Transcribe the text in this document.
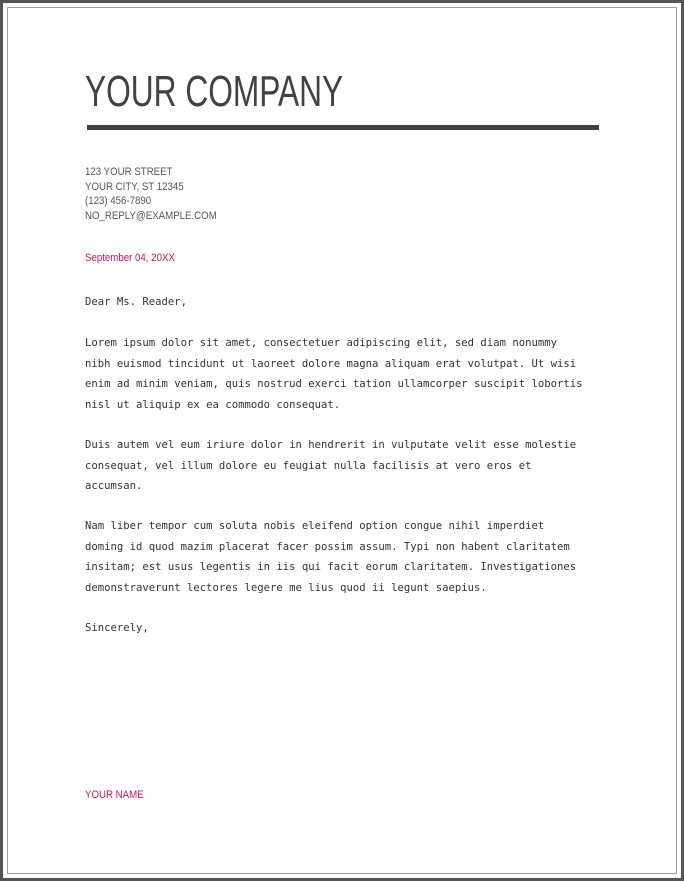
YOUR COMPANY
123 YOUR STREET
YOUR CITY, ST 12345
(123) 456-7890
NO_REPLY@EXAMPLE.COM
September 04, 20XX

Dear Ms. Reader,

Lorem ipsum dolor sit amet, consectetuer adipiscing elit, sed diam nonummy
nibh euismod tincidunt ut laoreet dolore magna aliquam erat volutpat. Ut wisi
enim ad minim veniam, quis nostrud exerci tation ullamcorper suscipit lobortis
nisl ut aliquip ex ea commodo consequat.

Duis autem vel eum iriure dolor in hendrerit in vulputate velit esse molestie
consequat, vel illum dolore eu feugiat nulla facilisis at vero eros et
accumsan.

Nam liber tempor cum soluta nobis eleifend option congue nihil imperdiet
doming id quod mazim placerat facer possim assum. Typi non habent claritatem
insitam; est usus legentis in iis qui facit eorum claritatem. Investigationes
demonstraverunt lectores legere me lius quod ii legunt saepius.

Sincerely,

YOUR NAME
